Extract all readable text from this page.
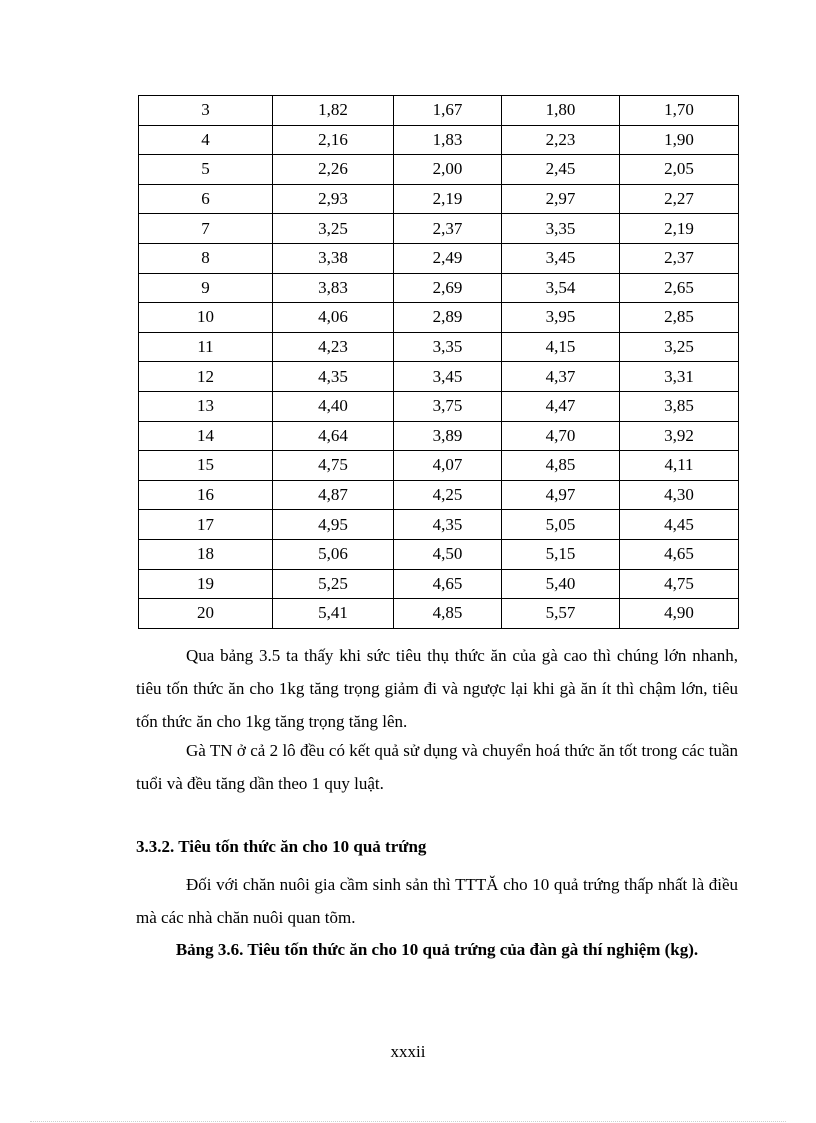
3	1,82	1,67	1,80	1,70
4	2,16	1,83	2,23	1,90
5	2,26	2,00	2,45	2,05
6	2,93	2,19	2,97	2,27
7	3,25	2,37	3,35	2,19
8	3,38	2,49	3,45	2,37
9	3,83	2,69	3,54	2,65
10	4,06	2,89	3,95	2,85
11	4,23	3,35	4,15	3,25
12	4,35	3,45	4,37	3,31
13	4,40	3,75	4,47	3,85
14	4,64	3,89	4,70	3,92
15	4,75	4,07	4,85	4,11
16	4,87	4,25	4,97	4,30
17	4,95	4,35	5,05	4,45
18	5,06	4,50	5,15	4,65
19	5,25	4,65	5,40	4,75
20	5,41	4,85	5,57	4,90

Qua bảng 3.5 ta thấy khi sức tiêu thụ thức ăn của gà cao thì chúng lớn nhanh, tiêu tốn thức ăn cho 1kg tăng trọng giảm đi và ngược lại khi gà ăn ít thì chậm lớn, tiêu tốn thức ăn cho 1kg tăng trọng tăng lên.

Gà TN ở cả 2 lô đều có kết quả sử dụng và chuyển hoá thức ăn tốt trong các tuần tuổi và đều tăng dần theo 1 quy luật.

3.3.2. Tiêu tốn thức ăn cho 10 quả trứng

Đối với chăn nuôi gia cầm sinh sản thì TTTĂ cho 10 quả trứng thấp nhất là điều mà các nhà chăn nuôi quan tõm.

Bảng 3.6. Tiêu tốn thức ăn cho 10 quả trứng của đàn gà thí nghiệm (kg).

xxxii
